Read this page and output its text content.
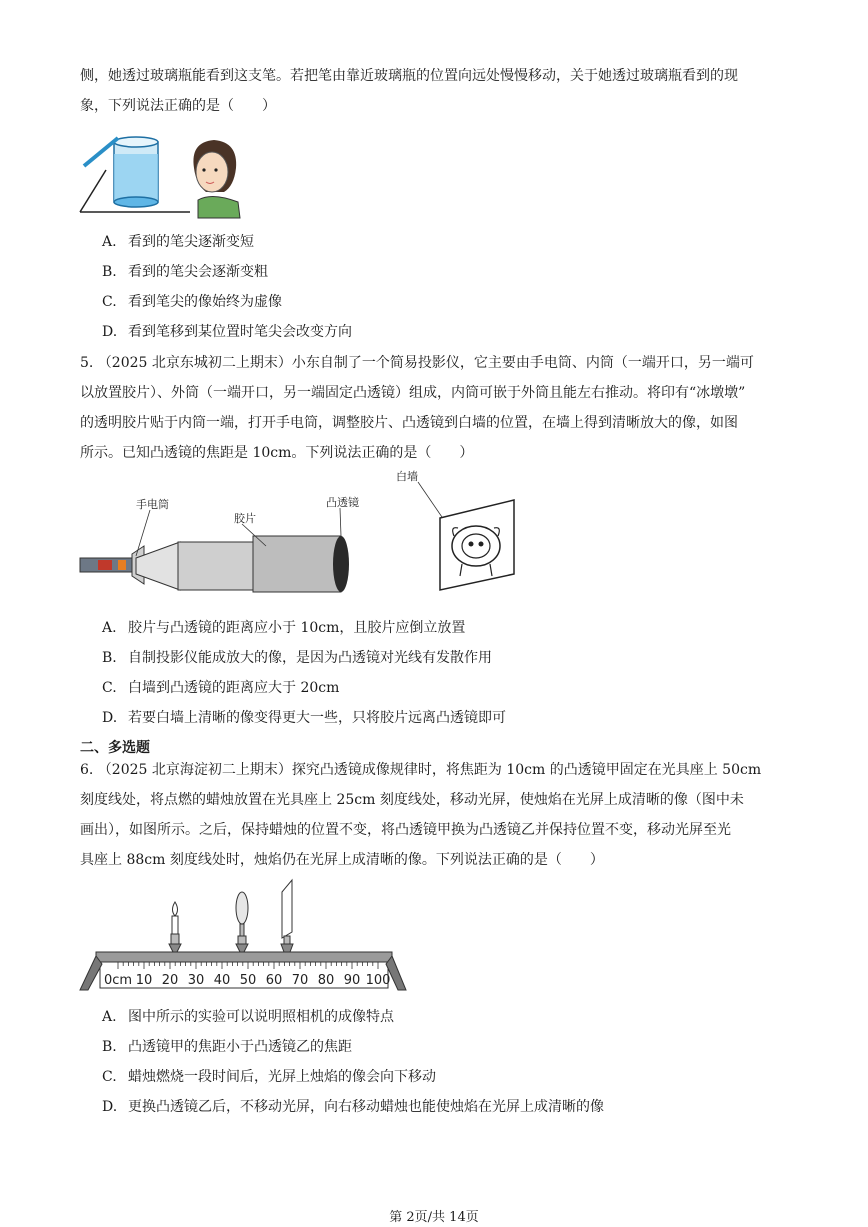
侧，她透过玻璃瓶能看到这支笔。若把笔由靠近玻璃瓶的位置向远处慢慢移动，关于她透过玻璃瓶看到的现
象，下列说法正确的是（　　）
A. 看到的笔尖逐渐变短
B. 看到的笔尖会逐渐变粗
C. 看到笔尖的像始终为虚像
D. 看到笔移到某位置时笔尖会改变方向
5. （2025 北京东城初二上期末）小东自制了一个简易投影仪，它主要由手电筒、内筒（一端开口，另一端可
以放置胶片）、外筒（一端开口，另一端固定凸透镜）组成，内筒可嵌于外筒且能左右推动。将印有“冰墩墩”
的透明胶片贴于内筒一端，打开手电筒，调整胶片、凸透镜到白墙的位置，在墙上得到清晰放大的像，如图
所示。已知凸透镜的焦距是 10cm。下列说法正确的是（　　）
手电筒
胶片
凸透镜
白墙
A. 胶片与凸透镜的距离应小于 10cm，且胶片应倒立放置
B. 自制投影仪能成放大的像，是因为凸透镜对光线有发散作用
C. 白墙到凸透镜的距离应大于 20cm
D. 若要白墙上清晰的像变得更大一些，只将胶片远离凸透镜即可
二、多选题
6. （2025 北京海淀初二上期末）探究凸透镜成像规律时，将焦距为 10cm 的凸透镜甲固定在光具座上 50cm
刻度线处，将点燃的蜡烛放置在光具座上 25cm 刻度线处，移动光屏，使烛焰在光屏上成清晰的像（图中未
画出），如图所示。之后，保持蜡烛的位置不变，将凸透镜甲换为凸透镜乙并保持位置不变，移动光屏至光
具座上 88cm 刻度线处时，烛焰仍在光屏上成清晰的像。下列说法正确的是（　　）
0cm 10 20 30 40 50 60 70 80 90 100
A. 图中所示的实验可以说明照相机的成像特点
B. 凸透镜甲的焦距小于凸透镜乙的焦距
C. 蜡烛燃烧一段时间后，光屏上烛焰的像会向下移动
D. 更换凸透镜乙后，不移动光屏，向右移动蜡烛也能使烛焰在光屏上成清晰的像
第 2页/共 14页
